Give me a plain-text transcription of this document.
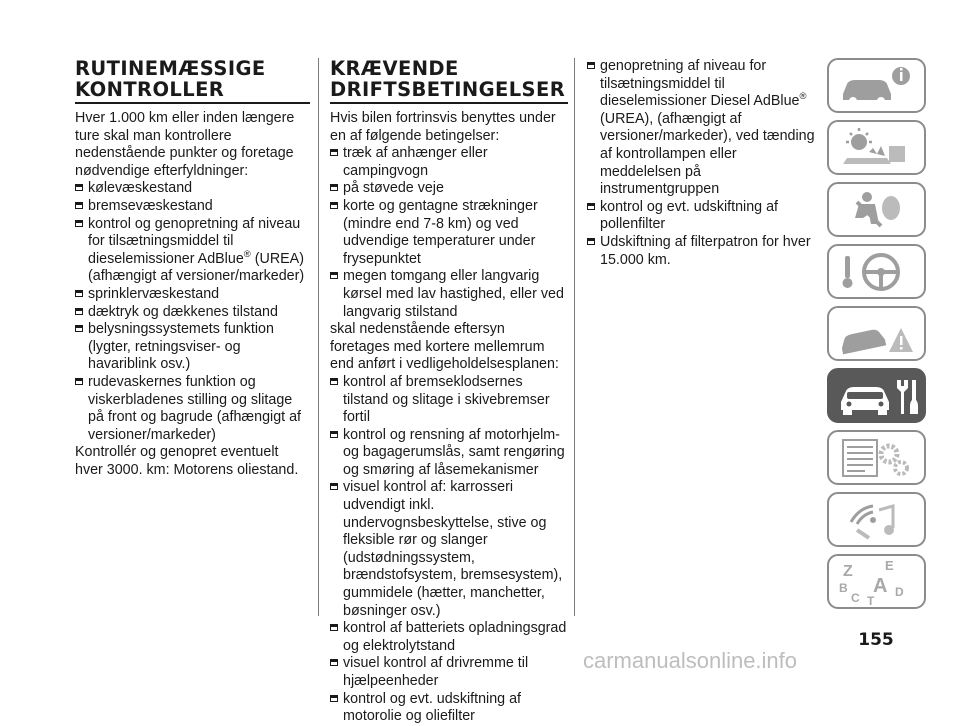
RUTINEMÆSSIGE
KONTROLLER

Hver 1.000 km eller inden længere ture skal man kontrollere nedenstående punkter og foretage nødvendige efterfyldninger:

kølevæskestand

bremsevæskestand

kontrol og genopretning af niveau for tilsætningsmiddel til dieselemissioner AdBlue® (UREA) (afhængigt af versioner/markeder)

sprinklervæskestand

dæktryk og dækkenes tilstand

belysningssystemets funktion (lygter, retningsviser- og havariblink osv.)

rudevaskernes funktion og viskerbladenes stilling og slitage på front og bagrude (afhængigt af versioner/markeder)

Kontrollér og genopret eventuelt hver 3000. km: Motorens oliestand.

KRÆVENDE
DRIFTSBETINGELSER

Hvis bilen fortrinsvis benyttes under en af følgende betingelser:

træk af anhænger eller campingvogn

på støvede veje

korte og gentagne strækninger (mindre end 7-8 km) og ved udvendige temperaturer under frysepunktet

megen tomgang eller langvarig kørsel med lav hastighed, eller ved langvarig stilstand

skal nedenstående eftersyn foretages med kortere mellemrum end anført i vedligeholdelsesplanen:

kontrol af bremseklodsernes tilstand og slitage i skivebremser fortil

kontrol og rensning af motorhjelm- og bagagerumslås, samt rengøring og smøring af låsemekanismer

visuel kontrol af: karrosseri udvendigt inkl. undervognsbeskyttelse, stive og fleksible rør og slanger (udstødningssystem, brændstofsystem, bremsesystem), gummidele (hætter, manchetter, bøsninger osv.)

kontrol af batteriets opladningsgrad og elektrolytstand

visuel kontrol af drivremme til hjælpeenheder

kontrol og evt. udskiftning af motorolie og oliefilter

genopretning af niveau for tilsætningsmiddel til dieselemissioner Diesel AdBlue® (UREA), (afhængigt af versioner/markeder), ved tænding af kontrollampen eller meddelelsen på instrumentgruppen

kontrol og evt. udskiftning af pollenfilter

Udskiftning af filterpatron for hver 15.000 km.

Z E
B A
C T
D
155
carmanualsonline.info
